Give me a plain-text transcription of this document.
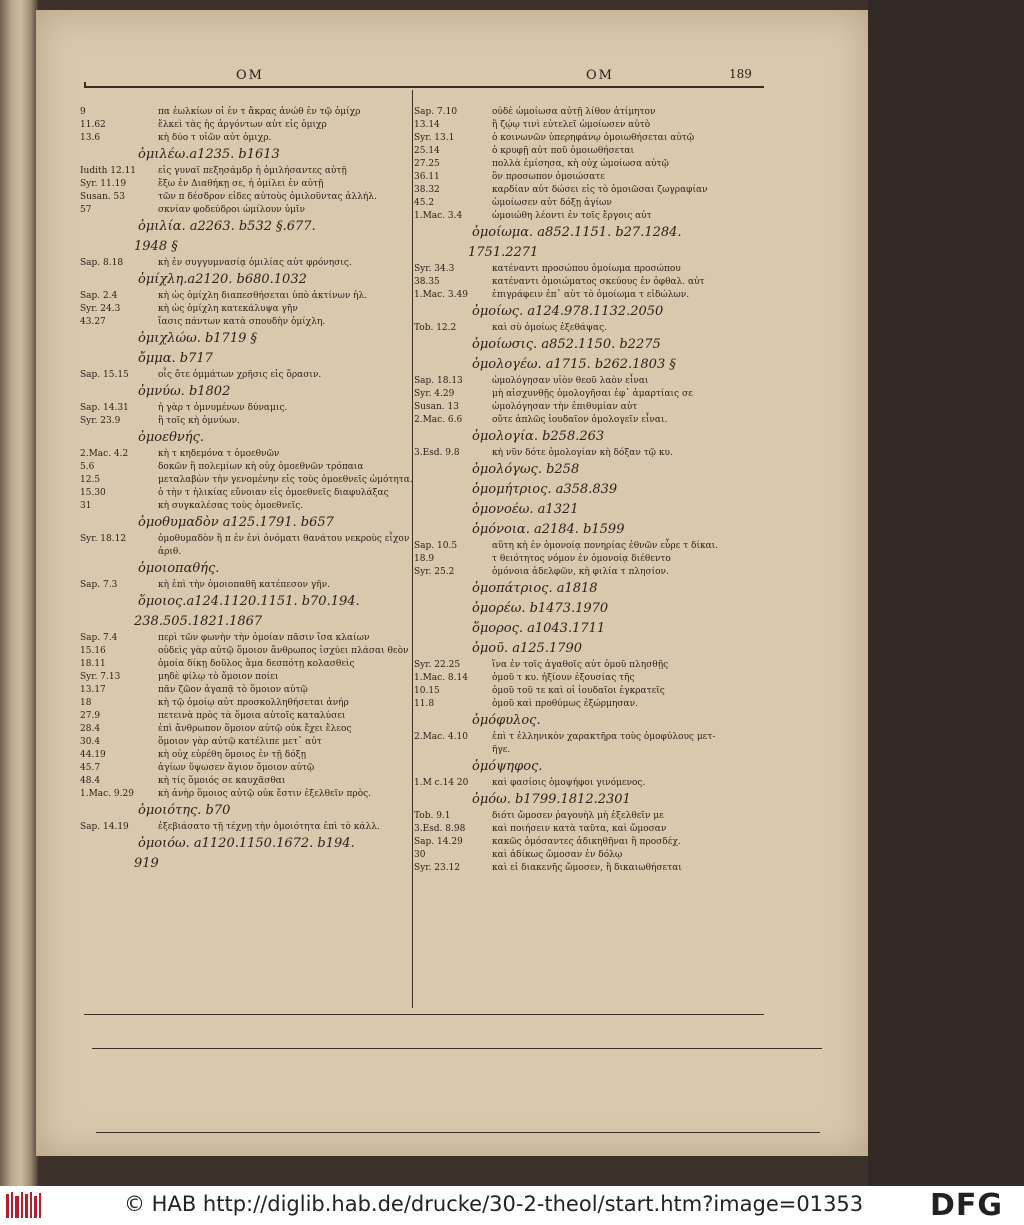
OM	OM	189
9	πα ἐωλκίων οἱ ἐν τ ἄκρας ἀνώθ ἐν τῷ ὁμίχρ
11.62	ἔλκεὶ τὰς ἡς ἀργόντων αὐτ εἰς ὁμιχρ
13.6	κὴ δύο τ υἱῶν αὐτ ὁμιχρ.
ὁμιλέω.a1235. b1613
Iudith 12.11 εἰς γυναῖ πεξησάμδρ ἡ ὁμιλήσαντες αὐτῇ
Syr. 11.19	ἔξω ἐν Διαθήκῃ σε, ἡ ὁμίλει ἐν αὐτῇ
Susan. 53	τῶν π δέσδρον εἰδες αὐτοὺς ὁμιλοῦντας ἀλλήλ.
57	σκνίαν φοδεύδροι ὡμίλουν ὑμῖν
ὁμιλία. a2263. b532 §.677.
1948 §
Sap. 8.18	κὴ ἐν συγγυμνασίᾳ ὁμιλίας αὐτ φρόνησις.
ὁμίχλη.a2120. b680.1032
Sap. 2.4	κὴ ὡς ὁμίχλη διαπεσθήσεται ὑπὸ ἀκτίνων ἡλ.
Syr. 24.3	κὴ ὡς ὁμίχλη κατεκάλυψα γῆν
43.27	ἴασις πάντων κατὰ σπουδὴν ὁμίχλη.
ὁμιχλώω. b1719 §
ὄμμα. b717
Sap. 15.15	οἷς ὄτε ὀμμάτων χρῆσις εἰς ὅρασιν.
ὀμνύω. b1802
Sap. 14.31	ἡ γὰρ τ ὀμνυμένων δύναμις.
Syr. 23.9	ἢ τοῖς κὴ ὀμνύων.
ὁμοεθνής.
2.Mac. 4.2	κὴ τ κηδεμόνα τ ὁμοεθνῶν
5.6	δοκῶν ἢ πολεμίων κὴ οὐχ ὁμοεθνῶν τρόπαια
12.5	μεταλαβὼν τὴν γενομένην εἰς τοὺς ὁμοεθνεῖς ὠμότητα.
15.30	ὁ τὴν τ ἡλικίας εὔνοιαν εἰς ὁμοεθνεῖς διαφυλάξας
31	κὴ συγκαλέσας τοὺς ὁμοεθνεῖς.
ὁμοθυμαδὸν a125.1791. b657
Syr. 18.12	ὁμοθυμαδὸν ἢ π ἐν ἑνὶ ὀνόματι θανάτου νεκροὺς εἶχον
ἀριθ.
ὁμοιοπαθής.
Sap. 7.3	κὴ ἐπὶ τὴν ὁμοιοπαθῆ κατέπεσον γῆν.
ὅμοιος.a124.1120.1151. b70.194.
238.505.1821.1867
Sap. 7.4	περὶ τῶν φωνὴν τὴν ὁμοίαν πᾶσιν ἴσα κλαίων
15.16	οὐδεὶς γὰρ αὐτῷ ὅμοιον ἄνθρωπος ἰσχύει πλάσαι θεὸν
18.11	ὁμοία δίκῃ δοῦλος ἅμα δεσπότῃ κολασθεὶς
Syr. 7.13	μηδὲ φίλῳ τὸ ὅμοιον ποίει
13.17	πᾶν ζῶον ἀγαπᾷ τὸ ὅμοιον αὐτῷ
18	κὴ τῷ ὁμοίῳ αὐτ προσκολληθήσεται ἀνήρ
27.9	πετεινὰ πρὸς τὰ ὅμοια αὐτοῖς καταλύσει
28.4	ἐπὶ ἄνθρωπον ὅμοιον αὐτῷ οὐκ ἔχει ἔλεος
30.4	ὅμοιον γὰρ αὐτῷ κατέλιπε μετ᾽ αὐτ
44.19	κὴ οὐχ εὑρέθη ὅμοιος ἐν τῇ δόξῃ
45.7	ἁγίων ὕψωσεν ἅγιον ὅμοιον αὐτῷ
48.4	κὴ τίς ὅμοιός σε καυχᾶσθαι
1.Mac. 9.29	κὴ ἀνὴρ ὅμοιος αὐτῷ οὐκ ἔστιν ἐξελθεῖν πρὸς.
ὁμοιότης. b70
Sap. 14.19	ἐξεβιάσατο τῇ τέχνῃ τὴν ὁμοιότητα ἐπὶ τὸ κάλλ.
ὁμοιόω. a1120.1150.1672. b194.
919
Sap. 7.10	οὐδὲ ὡμοίωσα αὐτῇ λίθον ἀτίμητον
13.14	ἢ ζῴῳ τινὶ εὐτελεῖ ὡμοίωσεν αὐτὸ
Syr. 13.1	ὁ κοινωνῶν ὑπερηφάνῳ ὁμοιωθήσεται αὐτῷ
25.14	ὁ κρυφῇ αὐτ ποῦ ὁμοιωθήσεται
27.25	πολλὰ ἐμίσησα, κὴ οὐχ ὡμοίωσα αὐτῷ
36.11	ὃν προσωπον ὁμοιώσατε
38.32	καρδίαν αὐτ δώσει εἰς τὸ ὁμοιῶσαι ζωγραφίαν
45.2	ὡμοίωσεν αὐτ δόξῃ ἁγίων
1.Mac. 3.4	ὡμοιώθη λέοντι ἐν τοῖς ἔργοις αὐτ
ὁμοίωμα. a852.1151. b27.1284.
1751.2271
Syr. 34.3	κατέναντι προσώπου ὁμοίωμα προσώπου
38.35	κατέναντι ὁμοιώματος σκεύους ἐν ὀφθαλ. αὐτ
1.Mac. 3.49	ἐπιγράφειν ἐπ᾽ αὐτ τὸ ὁμοίωμα τ εἰδώλων.
ὁμοίως. a124.978.1132.2050
Tob. 12.2	καὶ σὺ ὁμοίως ἐξεθάψας.
ὁμοίωσις. a852.1150. b2275
ὁμολογέω. a1715. b262.1803 §
Sap. 18.13	ὡμολόγησαν υἱὸν θεοῦ λαὸν εἶναι
Syr. 4.29	μὴ αἰσχυνθῇς ὁμολογῆσαι ἐφ᾽ ἁμαρτίαις σε
Susan. 13	ὡμολόγησαν τὴν ἐπιθυμίαν αὐτ
2.Mac. 6.6	οὔτε ἁπλῶς ἰουδαῖον ὁμολογεῖν εἶναι.
ὁμολογία. b258.263
3.Esd. 9.8	κὴ νῦν δότε ὁμολογίαν κὴ δόξαν τῷ κυ.
ὁμολόγως. b258
ὁμομήτριος. a358.839
ὁμονοέω. a1321
ὁμόνοια. a2184. b1599
Sap. 10.5	αὕτη κὴ ἐν ὁμονοίᾳ πονηρίας ἐθνῶν εὗρε τ δίκαι.
18.9	τ θειότητος νόμον ἐν ὁμονοίᾳ διέθεντο
Syr. 25.2	ὁμόνοια ἀδελφῶν, κὴ φιλία τ πλησίον.
ὁμοπάτριος. a1818
ὁμορέω. b1473.1970
ὅμορος. a1043.1711
ὁμοῦ. a125.1790
Syr. 22.25	ἵνα ἐν τοῖς ἀγαθοῖς αὐτ ὁμοῦ πλησθῇς
1.Mac. 8.14	ὁμοῦ τ κυ. ἠξίουν ἐξουσίας τῆς
10.15	ὁμοῦ τοῦ τε καὶ οἱ ἰουδαῖοι ἐγκρατεῖς
11.8	ὁμοῦ καὶ προθύμως ἐξώρμησαν.
ὁμόφυλος.
2.Mac. 4.10	ἐπὶ τ ἑλληνικὸν χαρακτῆρα τοὺς ὁμοφύλους μετ-
ῆγε.
ὁμόψηφος.
1.M c.14 20	καὶ φασίοις ὁμοψήφοι γινόμενος.
ὀμόω. b1799.1812.2301
Tob. 9.1	διότι ὤμοσεν ῥαγουὴλ μὴ ἐξελθεῖν με
3.Esd. 8.98	καὶ ποιήσειν κατὰ ταῦτα, καὶ ὤμοσαν
Sap. 14.29	κακῶς ὁμόσαντες ἀδικηθῆναι ἢ προσδέχ.
30	καὶ ἀδίκως ὤμοσαν ἐν δόλῳ
Syr. 23.12	καὶ εἰ διακενῆς ὤμοσεν, ἢ δικαιωθήσεται
© HAB http://diglib.hab.de/drucke/30-2-theol/start.htm?image=01353 DFG
